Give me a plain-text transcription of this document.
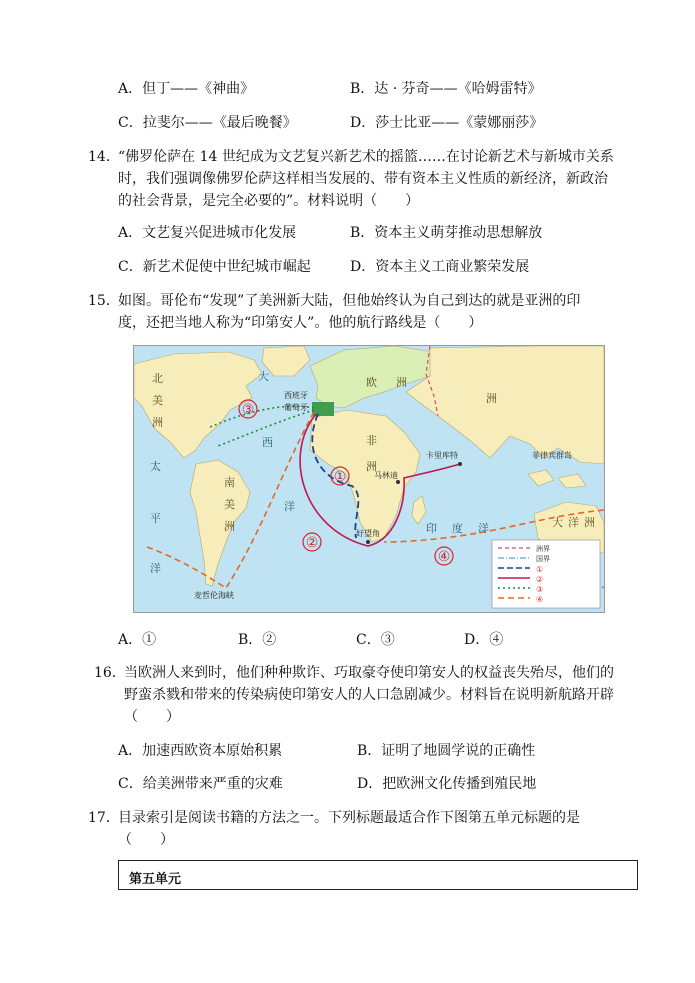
A．但丁——《神曲》	B．达 · 芬奇——《哈姆雷特》
C．拉斐尔——《最后晚餐》	D．莎士比亚——《蒙娜丽莎》
14．
“佛罗伦萨在 14 世纪成为文艺复兴新艺术的摇篮……在讨论新艺术与新城市关系
时，我们强调像佛罗伦萨这样相当发展的、带有资本主义性质的新经济，新政治
的社会背景，是完全必要的”。材料说明（　　）
A．文艺复兴促进城市化发展	B．资本主义萌芽推动思想解放
C．新艺术促使中世纪城市崛起	D．资本主义工商业繁荣发展
15．
如图。哥伦布“发现”了美洲新大陆，但他始终认为自己到达的就是亚洲的印
度，还把当地人称为“印第安人”。他的航行路线是（　　）
③
①
②
④
北
美
洲
南
美
洲
欧 洲
非
洲
洲
大 洋 洲
太
平
洋
大
西
洋
印 度 洋
西班牙
葡萄牙
马林迪
卡里库特	菲律宾群岛
好望角
麦哲伦海峡
洲界
国界
①
②
③
④
A．①	B．②	C．③	D．④
16．
当欧洲人来到时，他们种种欺诈、巧取豪夺使印第安人的权益丧失殆尽，他们的
野蛮杀戮和带来的传染病使印第安人的人口急剧减少。材料旨在说明新航路开辟
（　　）
A．加速西欧资本原始积累	B．证明了地圆学说的正确性
C．给美洲带来严重的灾难	D．把欧洲文化传播到殖民地
17．
目录索引是阅读书籍的方法之一。下列标题最适合作下图第五单元标题的是
（　　）
第五单元
